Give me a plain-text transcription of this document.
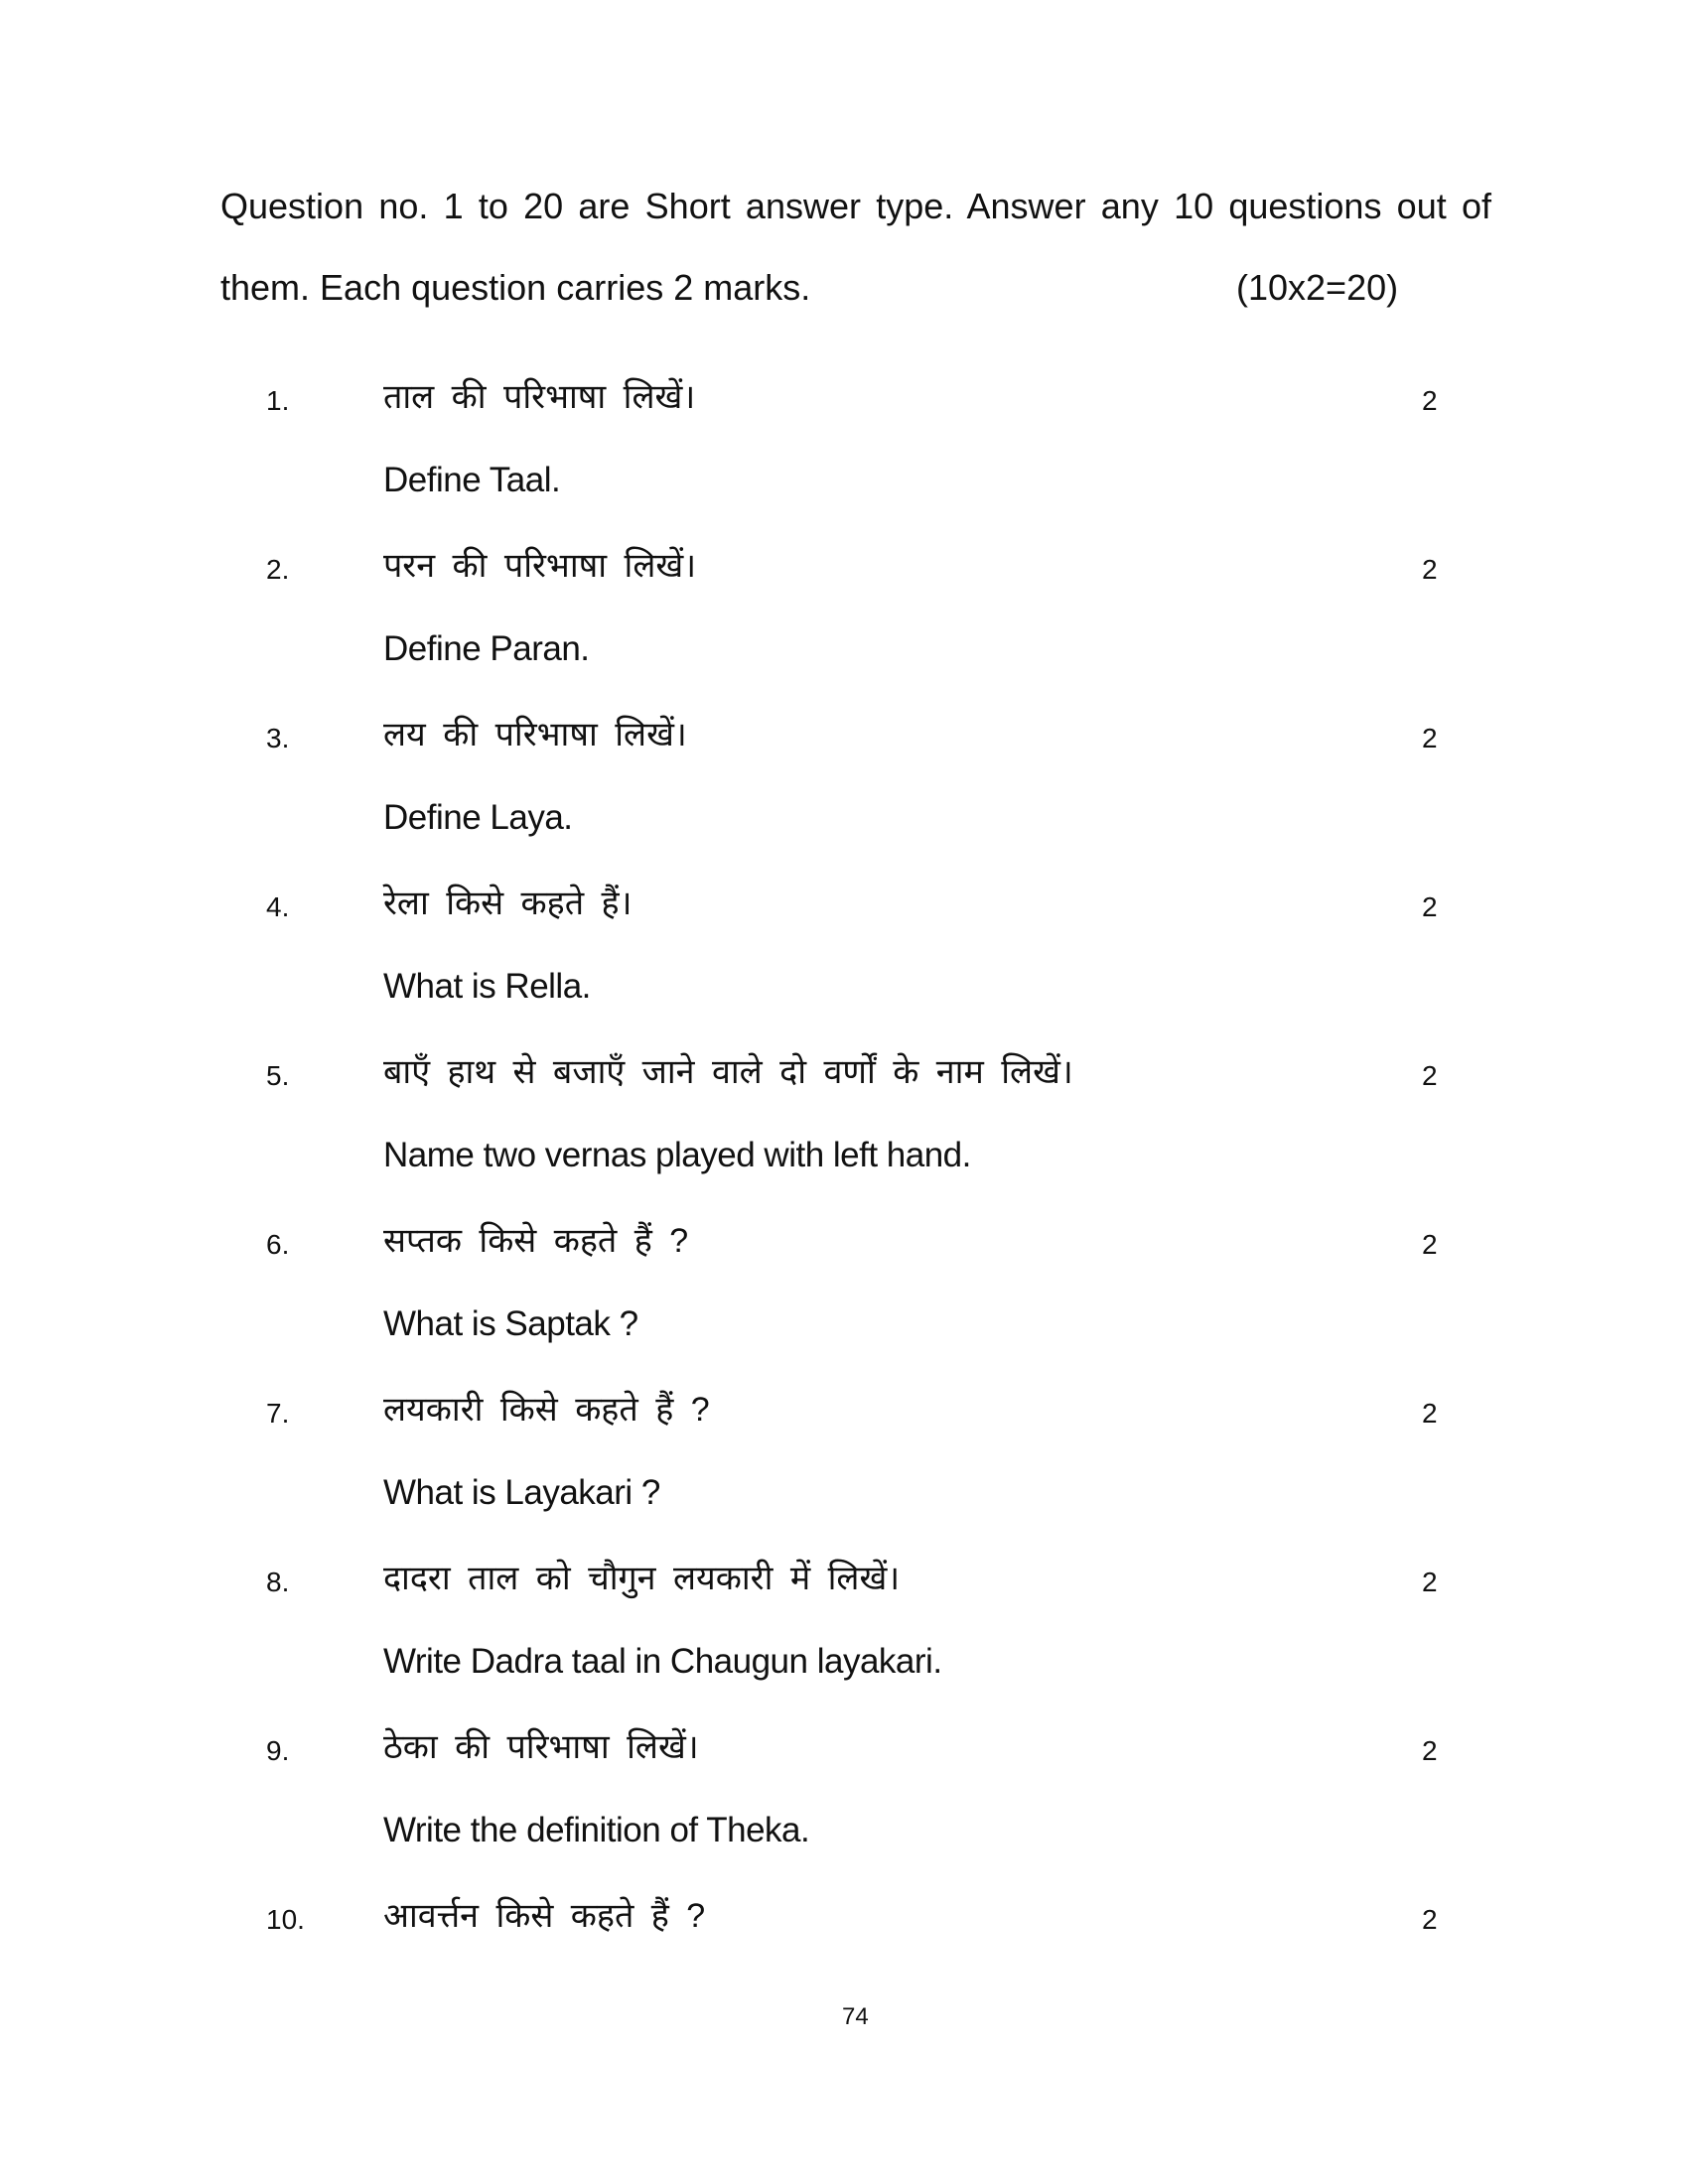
Question no. 1 to 20 are Short answer type. Answer any 10 questions out of
them. Each question carries 2 marks.	(10x2=20)
1.	ताल की परिभाषा लिखें।	2
Define Taal.
2.	परन की परिभाषा लिखें।	2
Define Paran.
3.	लय की परिभाषा लिखें।	2
Define Laya.
4.	रेला किसे कहते हैं।	2
What is Rella.
5.	बाएँ हाथ से बजाएँ जाने वाले दो वर्णों के नाम लिखें।	2
Name two vernas played with left hand.
6.	सप्तक किसे कहते हैं ?	2
What is Saptak ?
7.	लयकारी किसे कहते हैं ?	2
What is Layakari ?
8.	दादरा ताल को चौगुन लयकारी में लिखें।	2
Write Dadra taal in Chaugun layakari.
9.	ठेका की परिभाषा लिखें।	2
Write the definition of Theka.
10. आवर्त्तन किसे कहते हैं ?	2
74
